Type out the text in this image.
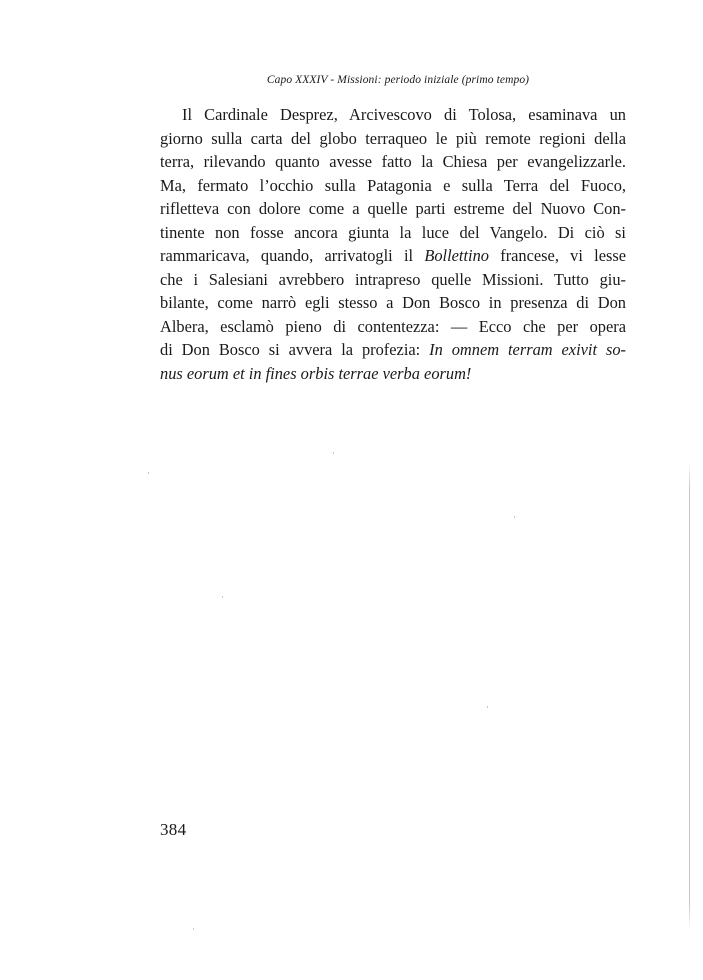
Capo XXXIV - Missioni: periodo iniziale (primo tempo)
Il Cardinale Desprez, Arcivescovo di Tolosa, esaminava un
giorno sulla carta del globo terraqueo le più remote regioni della
terra, rilevando quanto avesse fatto la Chiesa per evangelizzarle.
Ma, fermato l’occhio sulla Patagonia e sulla Terra del Fuoco,
rifletteva con dolore come a quelle parti estreme del Nuovo Con-
tinente non fosse ancora giunta la luce del Vangelo. Di ciò si
rammaricava, quando, arrivatogli il Bollettino francese, vi lesse
che i Salesiani avrebbero intrapreso quelle Missioni. Tutto giu-
bilante, come narrò egli stesso a Don Bosco in presenza di Don
Albera, esclamò pieno di contentezza: — Ecco che per opera
di Don Bosco si avvera la profezia: In omnem terram exivit so-
nus eorum et in fines orbis terrae verba eorum!
384
